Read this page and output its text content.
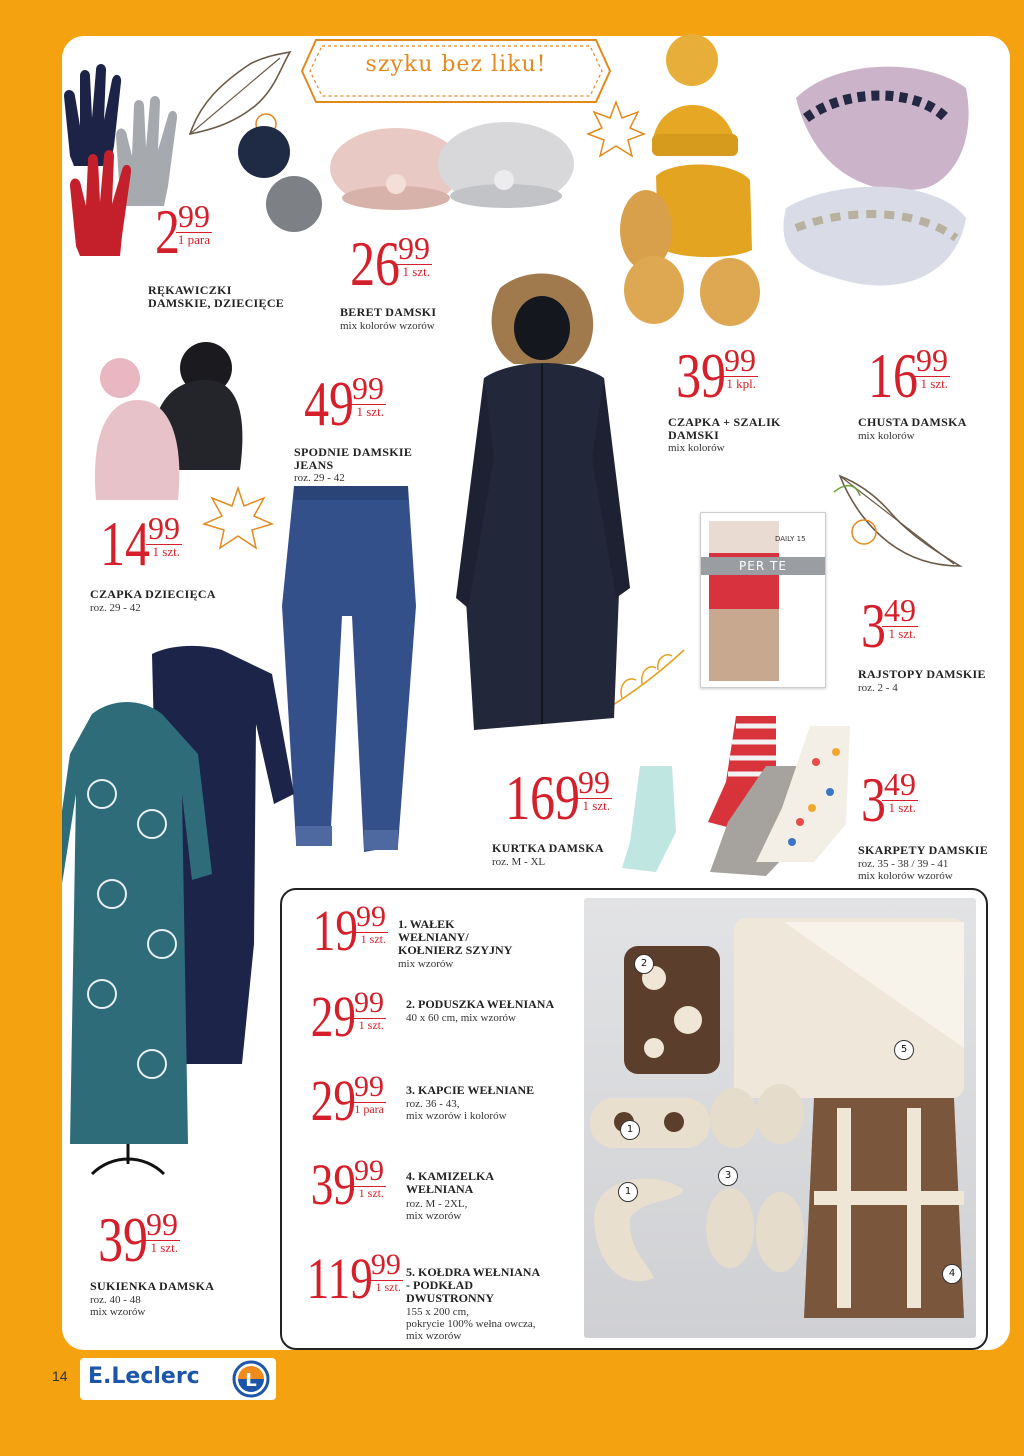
szyku bez liku!
DAILY 15
PER TE
2
99
1 para
RĘKAWICZKI
DAMSKIE, DZIECIĘCE
26
99
1 szt.
BERET DAMSKI
mix kolorów wzorów
39
99
1 kpl.
CZAPKA + SZALIK
DAMSKI
mix kolorów
16
99
1 szt.
CHUSTA DAMSKA
mix kolorów
49
99
1 szt.
SPODNIE DAMSKIE
JEANS
roz. 29 - 42
14
99
1 szt.
CZAPKA DZIECIĘCA
roz. 29 - 42	3
49
1 szt.
RAJSTOPY DAMSKIE
roz. 2 - 4
169
99
1 szt.
KURTKA DAMSKA
roz. M - XL
3
49
1 szt.
SKARPETY DAMSKIE
roz. 35 - 38 / 39 - 41
mix kolorów wzorów
39
99
1 szt.
SUKIENKA DAMSKA
roz. 40 - 48
mix wzorów
2
5
1
3
1
4
19
99
1 szt.
1. WAŁEK
WEŁNIANY/
KOŁNIERZ SZYJNY
mix wzorów
29
99
1 szt.
2. PODUSZKA WEŁNIANA
40 x 60 cm, mix wzorów
29
99
1 para
3. KAPCIE WEŁNIANE
roz. 36 - 43,
mix wzorów i kolorów
39
99
1 szt.
4. KAMIZELKA
WEŁNIANA
roz. M - 2XL,
mix wzorów
119
99
1 szt.
5. KOŁDRA WEŁNIANA
- PODKŁAD
DWUSTRONNY
155 x 200 cm,
pokrycie 100% wełna owcza,
mix wzorów
14 E.Leclerc	L
